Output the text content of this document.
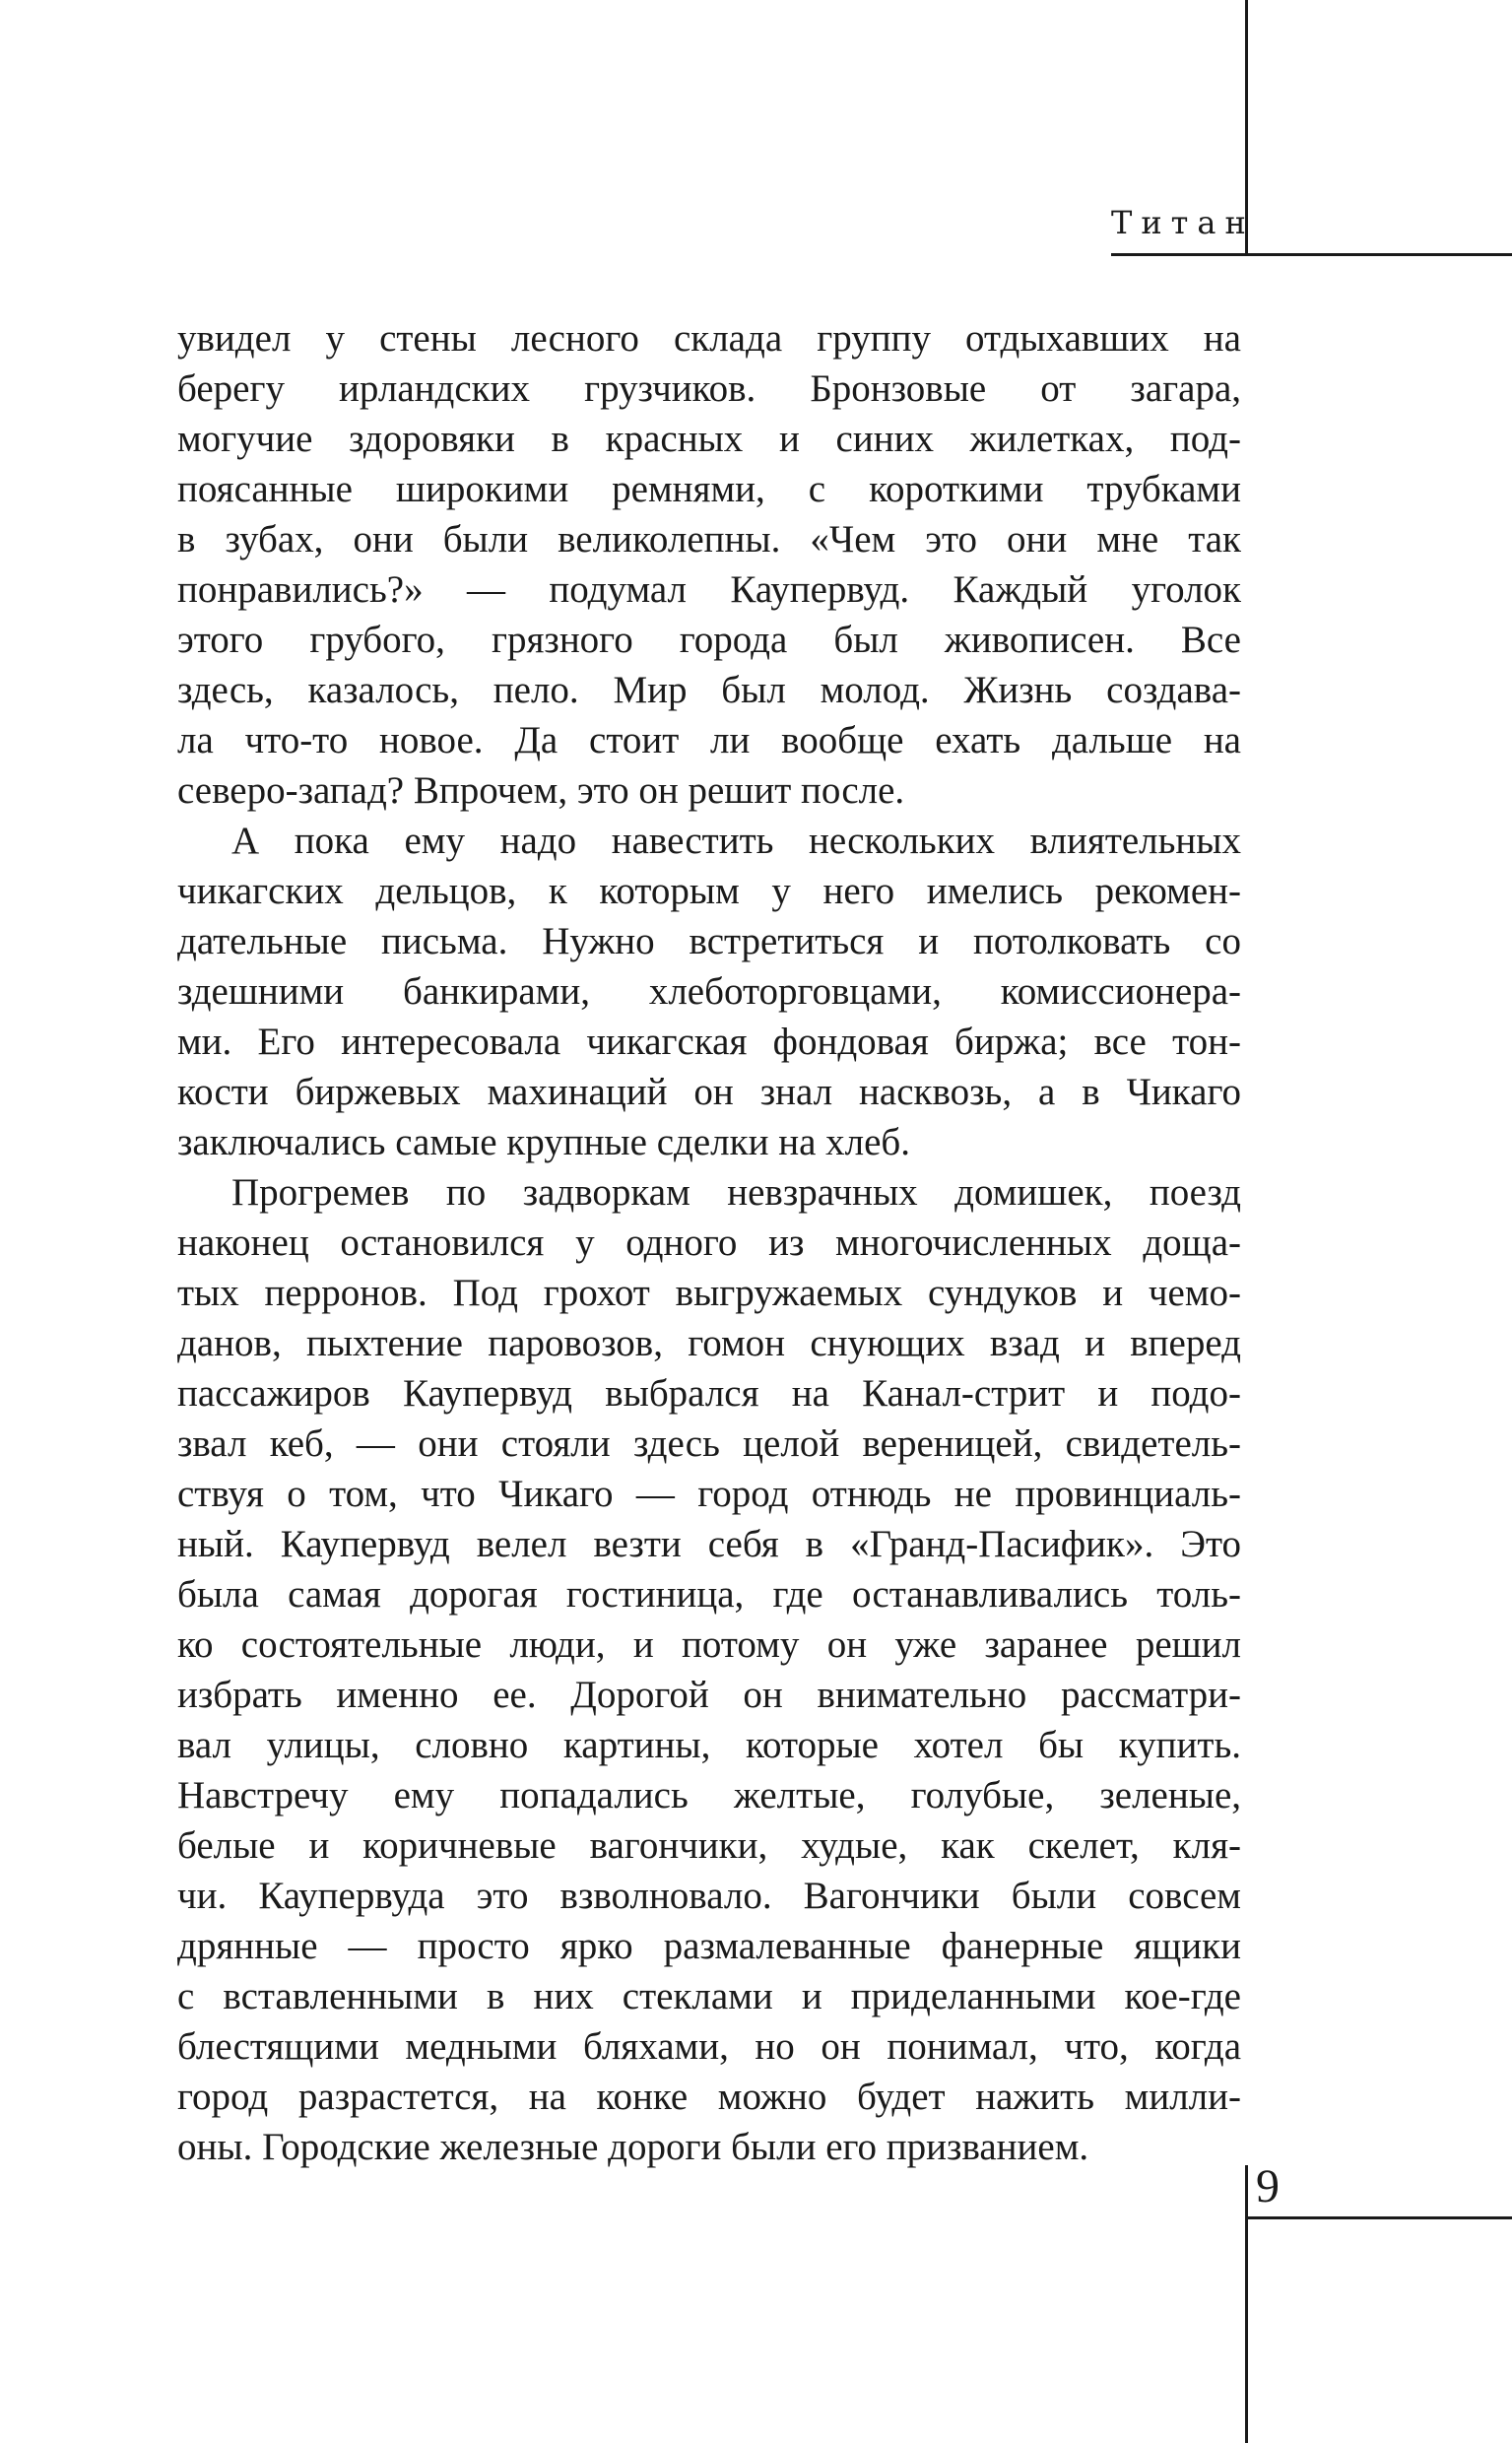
Титан
увидел у стены лесного склада группу отдыхавших на
берегу ирландских грузчиков. Бронзовые от загара,
могучие здоровяки в красных и синих жилетках, под-
поясанные широкими ремнями, с короткими трубками
в зубах, они были великолепны. «Чем это они мне так
понравились?» — подумал Каупервуд. Каждый уголок
этого грубого, грязного города был живописен. Все
здесь, казалось, пело. Мир был молод. Жизнь создава-
ла что-то новое. Да стоит ли вообще ехать дальше на
северо-запад? Впрочем, это он решит после.
А пока ему надо навестить нескольких влиятельных
чикагских дельцов, к которым у него имелись рекомен-
дательные письма. Нужно встретиться и потолковать со
здешними банкирами, хлеботорговцами, комиссионера-
ми. Его интересовала чикагская фондовая биржа; все тон-
кости биржевых махинаций он знал насквозь, а в Чикаго
заключались самые крупные сделки на хлеб.
Прогремев по задворкам невзрачных домишек, поезд
наконец остановился у одного из многочисленных доща-
тых перронов. Под грохот выгружаемых сундуков и чемо-
данов, пыхтение паровозов, гомон снующих взад и вперед
пассажиров Каупервуд выбрался на Канал-стрит и подо-
звал кеб, — они стояли здесь целой вереницей, свидетель-
ствуя о том, что Чикаго — город отнюдь не провинциаль-
ный. Каупервуд велел везти себя в «Гранд-Пасифик». Это
была самая дорогая гостиница, где останавливались толь-
ко состоятельные люди, и потому он уже заранее решил
избрать именно ее. Дорогой он внимательно рассматри-
вал улицы, словно картины, которые хотел бы купить.
Навстречу ему попадались желтые, голубые, зеленые,
белые и коричневые вагончики, худые, как скелет, кля-
чи. Каупервуда это взволновало. Вагончики были совсем
дрянные — просто ярко размалеванные фанерные ящики
с вставленными в них стеклами и приделанными кое-где
блестящими медными бляхами, но он понимал, что, когда
город разрастется, на конке можно будет нажить милли-
оны. Городские железные дороги были его призванием.
9
